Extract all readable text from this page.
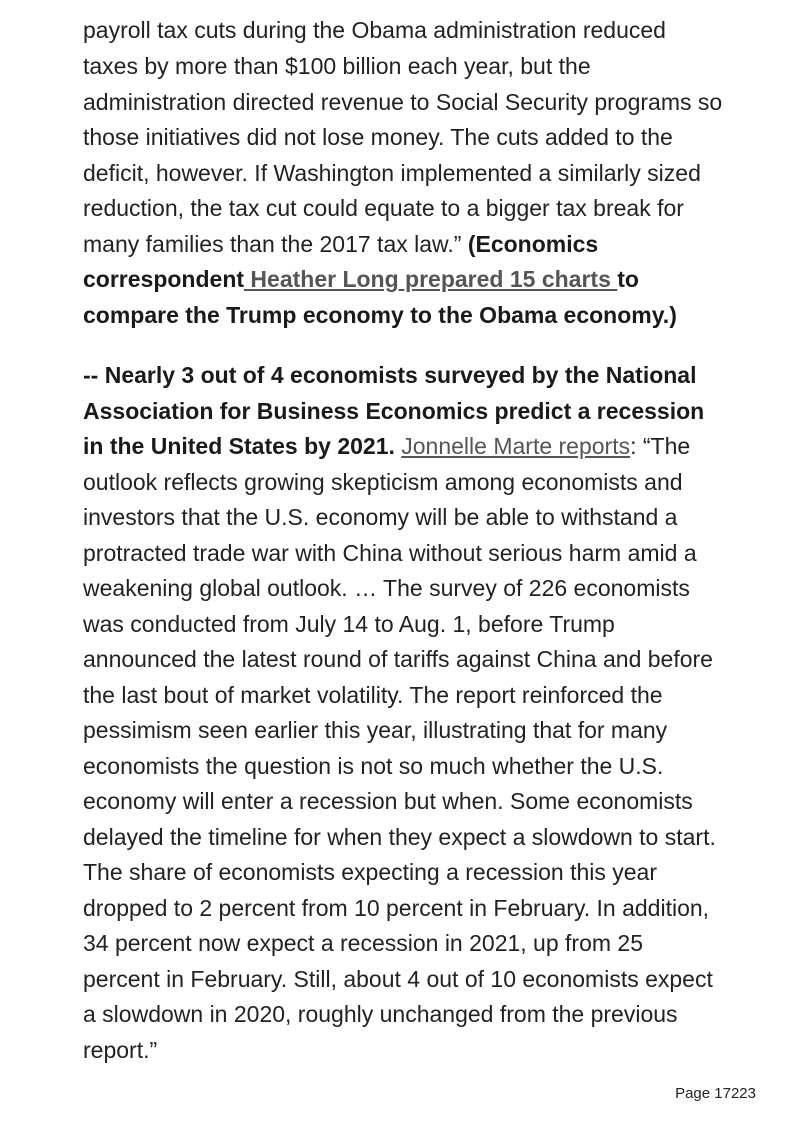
payroll tax cuts during the Obama administration reduced

taxes by more than $100 billion each year, but the administration directed revenue to Social Security programs so those initiatives did not lose money. The cuts added to the deficit, however. If Washington implemented a similarly sized reduction, the tax cut could equate to a bigger tax break for many families than the 2017 tax law.” (Economics correspondent Heather Long prepared 15 charts to compare the Trump economy to the Obama economy.)

-- Nearly 3 out of 4 economists surveyed by the National Association for Business Economics predict a recession in the United States by 2021. Jonnelle Marte reports: “The outlook reflects growing skepticism among economists and investors that the U.S. economy will be able to withstand a protracted trade war with China without serious harm amid a weakening global outlook. … The survey of 226 economists was conducted from July 14 to Aug. 1, before Trump announced the latest round of tariffs against China and before the last bout of market volatility. The report reinforced the pessimism seen earlier this year, illustrating that for many economists the question is not so much whether the U.S. economy will enter a recession but when. Some economists delayed the timeline for when they expect a slowdown to start. The share of economists expecting a recession this year dropped to 2 percent from 10 percent in February. In addition, 34 percent now expect a recession in 2021, up from 25 percent in February. Still, about 4 out of 10 economists expect a slowdown in 2020, roughly unchanged from the previous report.”

Page 17223
